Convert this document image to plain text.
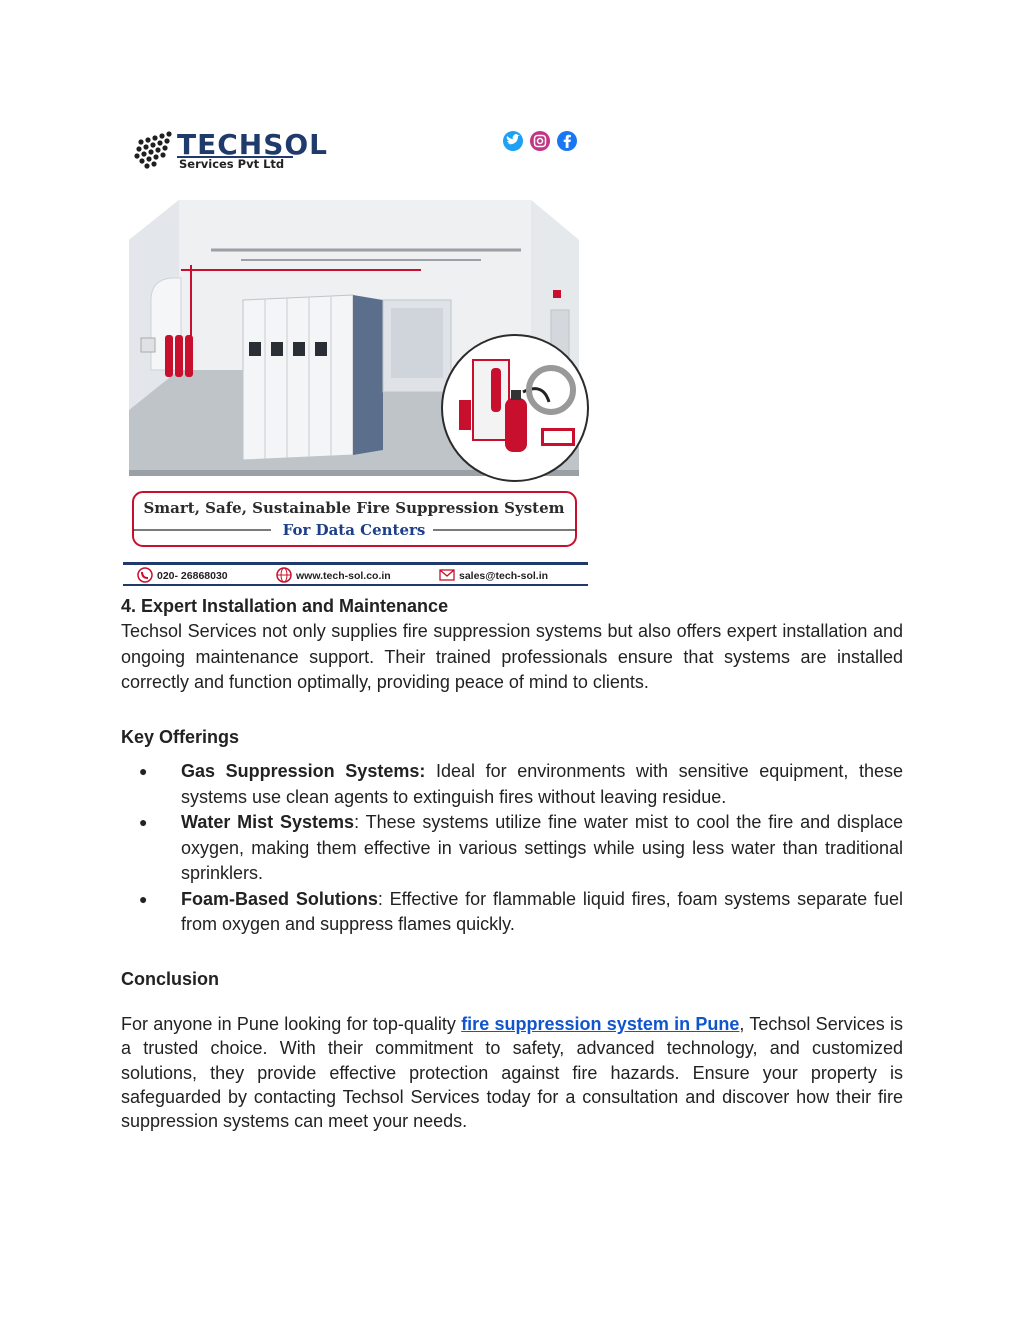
TECHSOL
Services Pvt Ltd
Smart, Safe, Sustainable Fire Suppression System
For Data Centers
020- 26868030	www.tech-sol.co.in	sales@tech-sol.in
4. Expert Installation and Maintenance

Techsol Services not only supplies fire suppression systems but also offers expert installation and ongoing maintenance support. Their trained professionals ensure that systems are installed correctly and function optimally, providing peace of mind to clients.

Key Offerings
● Gas Suppression Systems: Ideal for environments with sensitive equipment, these systems use clean agents to extinguish fires without leaving residue.
● Water Mist Systems: These systems utilize fine water mist to cool the fire and displace oxygen, making them effective in various settings while using less water than traditional sprinklers.
● Foam-Based Solutions: Effective for flammable liquid fires, foam systems separate fuel from oxygen and suppress flames quickly.
Conclusion

For anyone in Pune looking for top-quality fire suppression system in Pune, Techsol Services is a trusted choice. With their commitment to safety, advanced technology, and customized solutions, they provide effective protection against fire hazards. Ensure your property is safeguarded by contacting Techsol Services today for a consultation and discover how their fire suppression systems can meet your needs.
